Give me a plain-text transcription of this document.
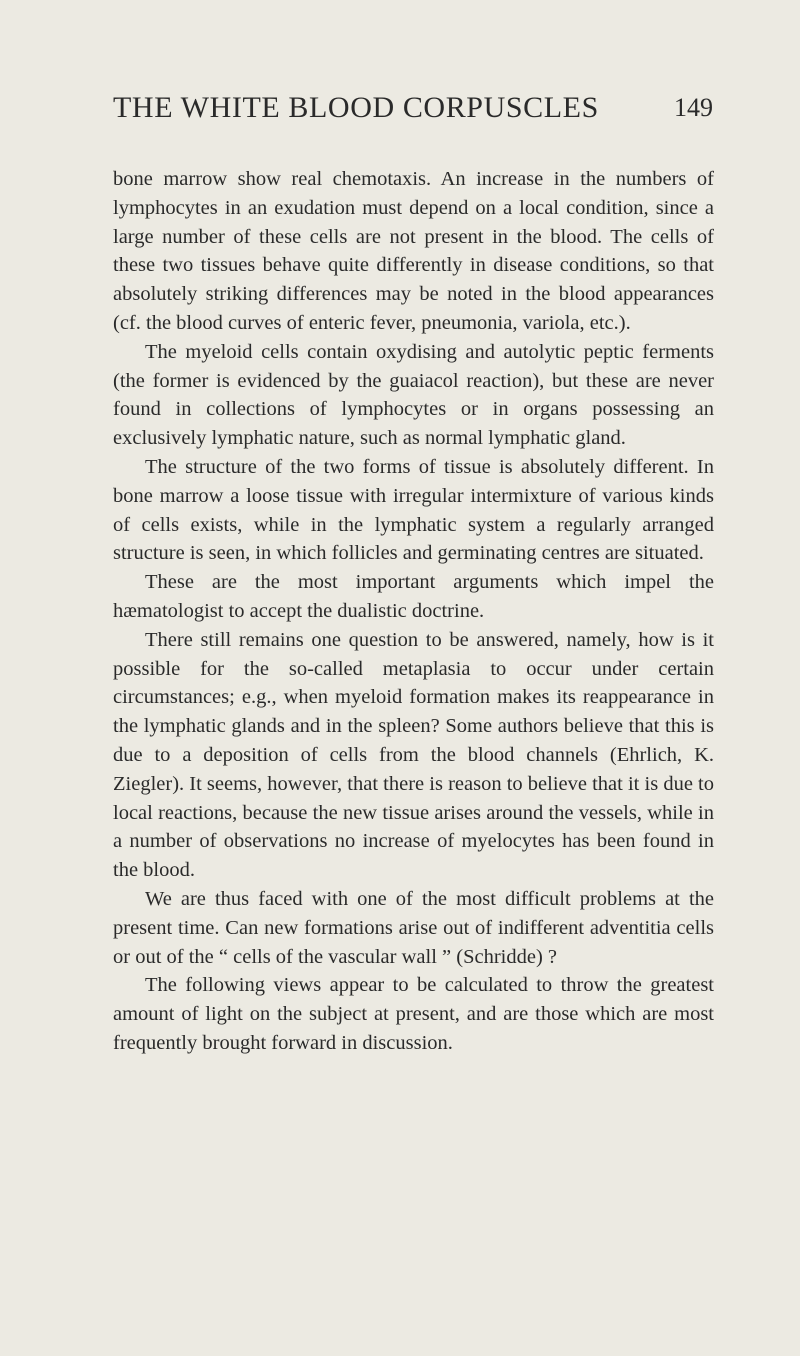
THE WHITE BLOOD CORPUSCLES	149

bone marrow show real chemotaxis. An increase in the numbers of lymphocytes in an exudation must depend on a local condition, since a large number of these cells are not present in the blood. The cells of these two tissues behave quite differently in disease conditions, so that absolutely striking differences may be noted in the blood appearances (cf. the blood curves of enteric fever, pneumonia, variola, etc.).

The myeloid cells contain oxydising and autolytic peptic ferments (the former is evidenced by the guaiacol reaction), but these are never found in collections of lymphocytes or in organs possessing an exclusively lymphatic nature, such as normal lymphatic gland.

The structure of the two forms of tissue is absolutely different. In bone marrow a loose tissue with irregular intermixture of various kinds of cells exists, while in the lymphatic system a regularly arranged structure is seen, in which follicles and germinating centres are situated.

These are the most important arguments which impel the hæmatologist to accept the dualistic doctrine.

There still remains one question to be answered, namely, how is it possible for the so-called metaplasia to occur under certain circumstances; e.g., when myeloid formation makes its reappearance in the lymphatic glands and in the spleen? Some authors believe that this is due to a deposition of cells from the blood channels (Ehrlich, K. Ziegler). It seems, however, that there is reason to believe that it is due to local reactions, because the new tissue arises around the vessels, while in a number of observations no increase of myelocytes has been found in the blood.

We are thus faced with one of the most difficult problems at the present time. Can new formations arise out of indifferent adventitia cells or out of the “ cells of the vascular wall ” (Schridde) ?

The following views appear to be calculated to throw the greatest amount of light on the subject at present, and are those which are most frequently brought forward in discussion.
